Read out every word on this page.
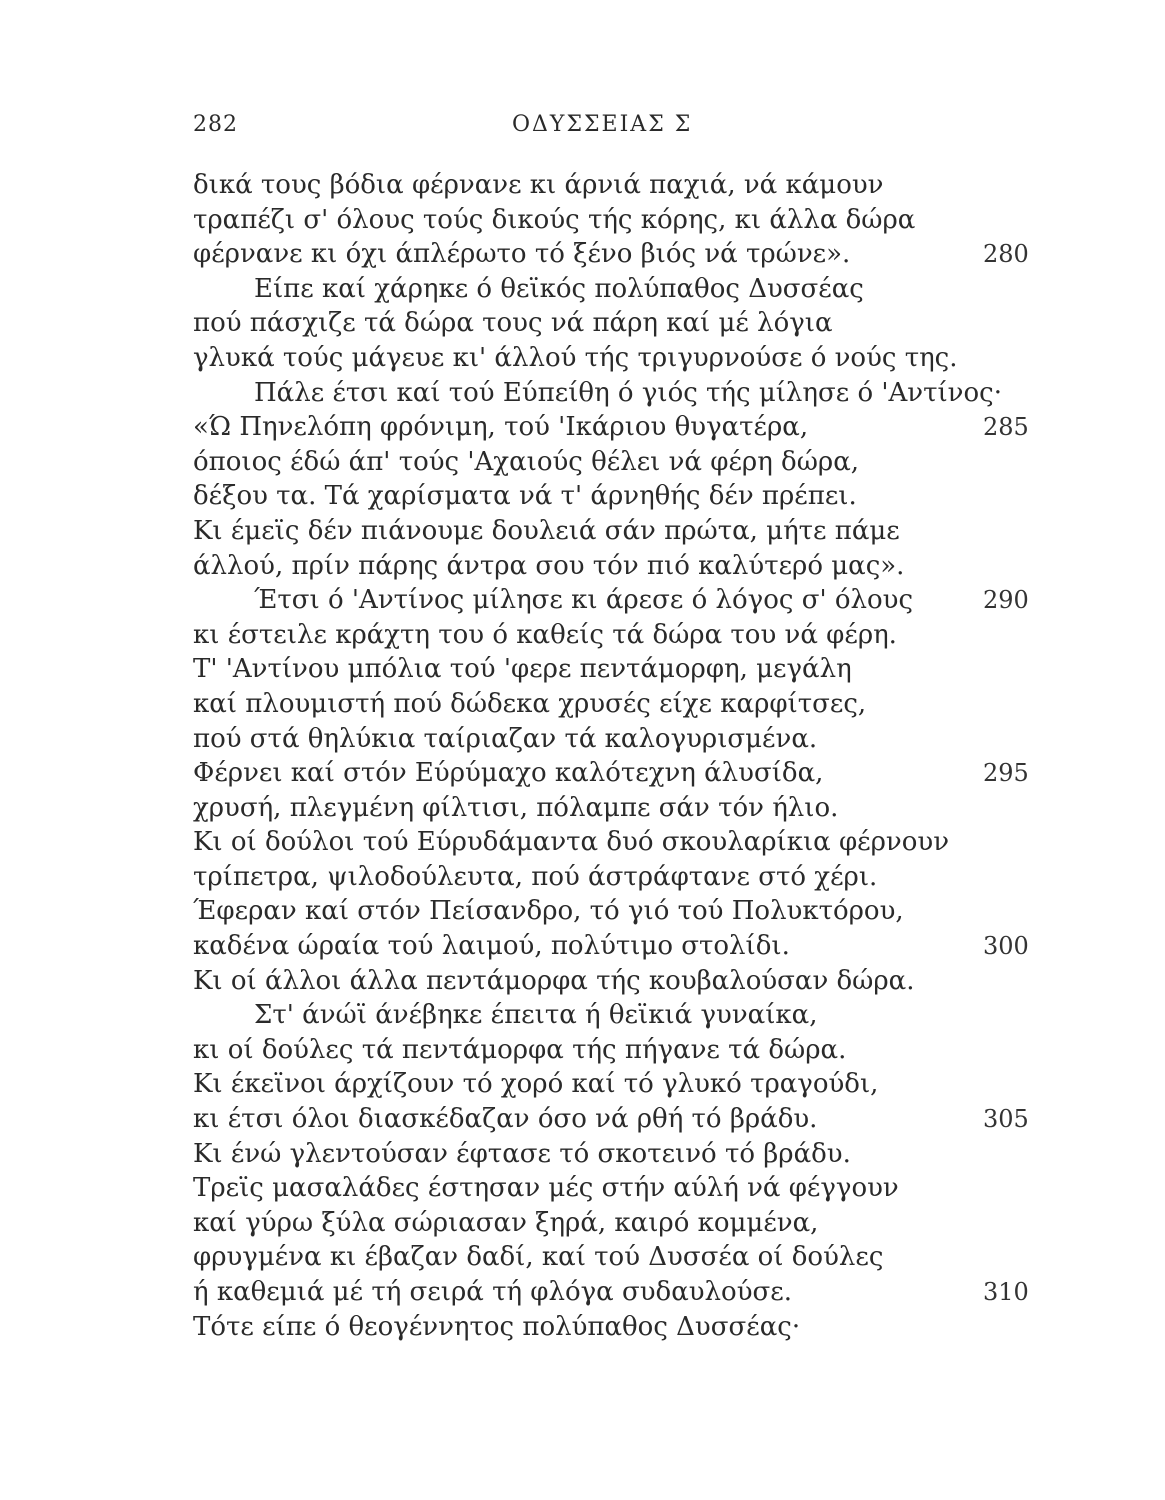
282	ΟΔΥΣΣΕΙΑΣ Σ
δικά τους βόδια φέρνανε κι άρνιά παχιά, νά κάμουν
τραπέζι σ' όλους τούς δικούς τής κόρης, κι άλλα δώρα
φέρνανε κι όχι άπλέρωτο τό ξένο βιός νά τρώνε».	280
Είπε καί χάρηκε ό θεϊκός πολύπαθος Δυσσέας
πού πάσχιζε τά δώρα τους νά πάρη καί μέ λόγια
γλυκά τούς μάγευε κι' άλλού τής τριγυρνούσε ό νούς της.
Πάλε έτσι καί τού Εύπείθη ό γιός τής μίλησε ό 'Αντίνος·
«Ώ Πηνελόπη φρόνιμη, τού 'Ικάριου θυγατέρα,	285
όποιος έδώ άπ' τούς 'Αχαιούς θέλει νά φέρη δώρα,
δέξου τα. Τά χαρίσματα νά τ' άρνηθής δέν πρέπει.
Κι έμεϊς δέν πιάνουμε δουλειά σάν πρώτα, μήτε πάμε
άλλού, πρίν πάρης άντρα σου τόν πιό καλύτερό μας».
Έτσι ό 'Αντίνος μίλησε κι άρεσε ό λόγος σ' όλους	290
κι έστειλε κράχτη του ό καθείς τά δώρα του νά φέρη.
Τ' 'Αντίνου μπόλια τού 'φερε πεντάμορφη, μεγάλη
καί πλουμιστή πού δώδεκα χρυσές είχε καρφίτσες,
πού στά θηλύκια ταίριαζαν τά καλογυρισμένα.
Φέρνει καί στόν Εύρύμαχο καλότεχνη άλυσίδα,	295
χρυσή, πλεγμένη φίλτισι, πόλαμπε σάν τόν ήλιο.
Κι οί δούλοι τού Εύρυδάμαντα δυό σκουλαρίκια φέρνουν
τρίπετρα, ψιλοδούλευτα, πού άστράφτανε στό χέρι.
Έφεραν καί στόν Πείσανδρο, τό γιό τού Πολυκτόρου,
καδένα ώραία τού λαιμού, πολύτιμο στολίδι.	300
Κι οί άλλοι άλλα πεντάμορφα τής κουβαλούσαν δώρα.
Στ' άνώϊ άνέβηκε έπειτα ή θεϊκιά γυναίκα,
κι οί δούλες τά πεντάμορφα τής πήγανε τά δώρα.
Κι έκεϊνοι άρχίζουν τό χορό καί τό γλυκό τραγούδι,
κι έτσι όλοι διασκέδαζαν όσο νά ρθή τό βράδυ.	305
Κι ένώ γλεντούσαν έφτασε τό σκοτεινό τό βράδυ.
Τρεϊς μασαλάδες έστησαν μές στήν αύλή νά φέγγουν
καί γύρω ξύλα σώριασαν ξηρά, καιρό κομμένα,
φρυγμένα κι έβαζαν δαδί, καί τού Δυσσέα οί δούλες
ή καθεμιά μέ τή σειρά τή φλόγα συδαυλούσε.	310
Τότε είπε ό θεογέννητος πολύπαθος Δυσσέας·
